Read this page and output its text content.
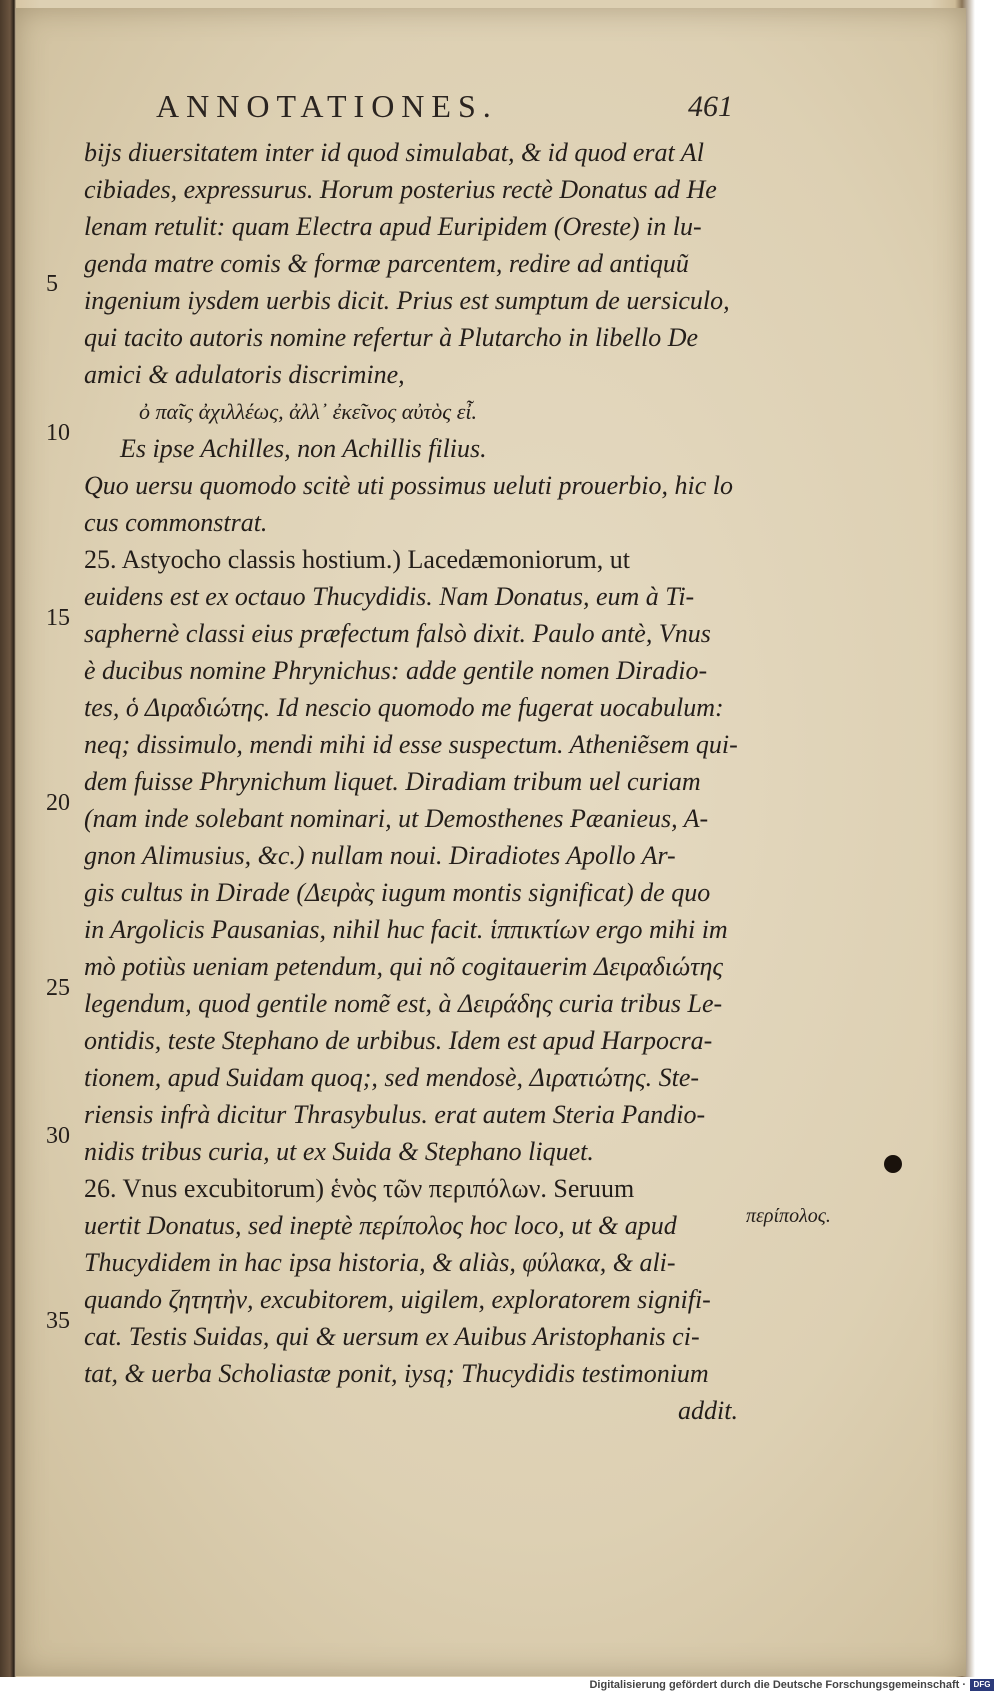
ANNOTATIONES.	461
5
10
15
20
25
30
35
bijs diuersitatem inter id quod simulabat, & id quod erat Al
cibiades, expressurus. Horum posterius rectè Donatus ad He
lenam retulit: quam Electra apud Euripidem (Oreste) in lu-
genda matre comis & formæ parcentem, redire ad antiquũ
ingenium iysdem uerbis dicit. Prius est sumptum de uersiculo,
qui tacito autoris nomine refertur à Plutarcho in libello De
amici & adulatoris discrimine,
ὀ παῖς ἀχιλλέως, ἀλλ᾽ ἐκεῖνος αὐτὸς εἶ.
Es ipse Achilles, non Achillis filius.
Quo uersu quomodo scitè uti possimus ueluti prouerbio, hic lo
cus commonstrat.
25. Astyocho classis hostium.) Lacedæmoniorum, ut
euidens est ex octauo Thucydidis. Nam Donatus, eum à Ti-
saphernè classi eius præfectum falsò dixit. Paulo antè, Vnus
è ducibus nomine Phrynichus: adde gentile nomen Diradio-
tes, ὁ Διραδιώτης. Id nescio quomodo me fugerat uocabulum:
neq; dissimulo, mendi mihi id esse suspectum. Atheniẽsem qui-
dem fuisse Phrynichum liquet. Diradiam tribum uel curiam
(nam inde solebant nominari, ut Demosthenes Pæanieus, A-
gnon Alimusius, &c.) nullam noui. Diradiotes Apollo Ar-
gis cultus in Dirade (Δειρὰς iugum montis significat) de quo
in Argolicis Pausanias, nihil huc facit. ἱππικτίων ergo mihi im
mò potiùs ueniam petendum, qui nõ cogitauerim Δειραδιώτης
legendum, quod gentile nomẽ est, à Δειράδης curia tribus Le-
ontidis, teste Stephano de urbibus. Idem est apud Harpocra-
tionem, apud Suidam quoq;, sed mendosè, Διρατιώτης. Ste-
riensis infrà dicitur Thrasybulus. erat autem Steria Pandio-
nidis tribus curia, ut ex Suida & Stephano liquet.
26. Vnus excubitorum) ἑνὸς τῶν περιπόλων. Seruum
uertit Donatus, sed ineptè περίπολος hoc loco, ut & apud
Thucydidem in hac ipsa historia, & aliàs, φύλακα, & ali-
quando ζητητὴν, excubitorem, uigilem, exploratorem signifi-
cat. Testis Suidas, qui & uersum ex Auibus Aristophanis ci-
tat, & uerba Scholiastæ ponit, iysq; Thucydidis testimonium
addit.
περίπολος.
Digitalisierung gefördert durch die Deutsche Forschungsgemeinschaft · DFG
